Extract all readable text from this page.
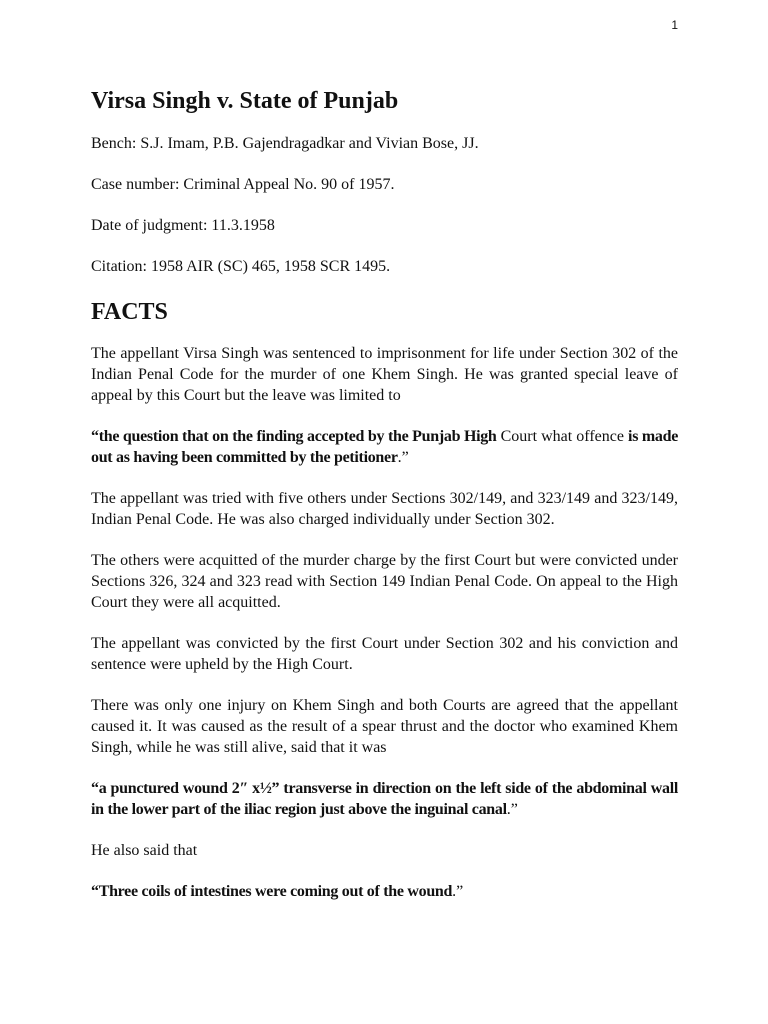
1
Virsa Singh v. State of Punjab

Bench: S.J. Imam, P.B. Gajendragadkar and Vivian Bose, JJ.

Case number: Criminal Appeal No. 90 of 1957.

Date of judgment: 11.3.1958

Citation: 1958 AIR (SC) 465, 1958 SCR 1495.

FACTS

The appellant Virsa Singh was sentenced to imprisonment for life under Section 302 of the Indian Penal Code for the murder of one Khem Singh. He was granted special leave of appeal by this Court but the leave was limited to

“the question that on the finding accepted by the Punjab High Court what offence is made out as having been committed by the petitioner.”

The appellant was tried with five others under Sections 302/149, and 323/149 and 323/149, Indian Penal Code. He was also charged individually under Section 302.

The others were acquitted of the murder charge by the first Court but were convicted under Sections 326, 324 and 323 read with Section 149 Indian Penal Code. On appeal to the High Court they were all acquitted.

The appellant was convicted by the first Court under Section 302 and his conviction and sentence were upheld by the High Court.

There was only one injury on Khem Singh and both Courts are agreed that the appellant caused it. It was caused as the result of a spear thrust and the doctor who examined Khem Singh, while he was still alive, said that it was

“a punctured wound 2″ x½” transverse in direction on the left side of the abdominal wall in the lower part of the iliac region just above the inguinal canal.”

He also said that

“Three coils of intestines were coming out of the wound.”
